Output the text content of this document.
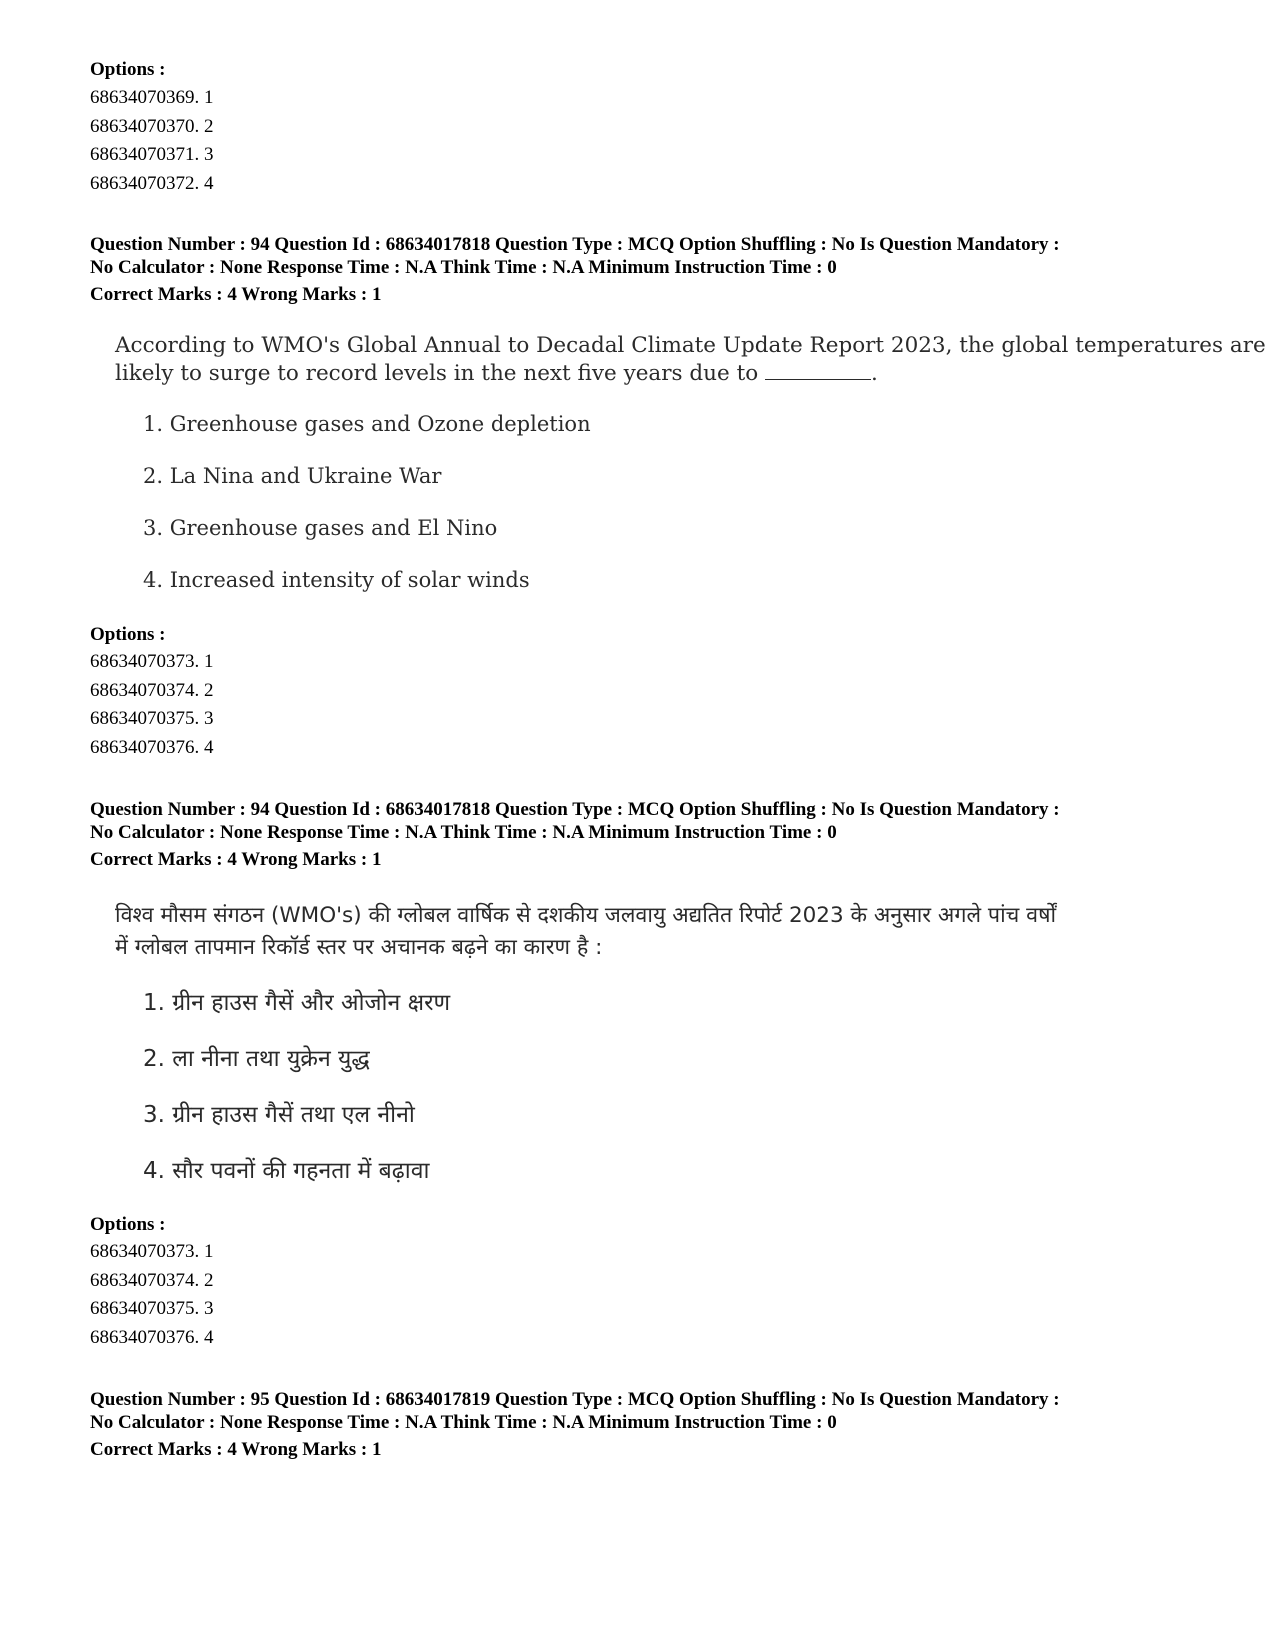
Options :
68634070369. 1
68634070370. 2
68634070371. 3
68634070372. 4
Question Number : 94 Question Id : 68634017818 Question Type : MCQ Option Shuffling : No Is Question Mandatory :
No Calculator : None Response Time : N.A Think Time : N.A Minimum Instruction Time : 0
Correct Marks : 4 Wrong Marks : 1
According to WMO's Global Annual to Decadal Climate Update Report 2023, the global temperatures are
likely to surge to record levels in the next five years due to	.
1. Greenhouse gases and Ozone depletion
2. La Nina and Ukraine War
3. Greenhouse gases and El Nino
4. Increased intensity of solar winds
Options :
68634070373. 1
68634070374. 2
68634070375. 3
68634070376. 4
Question Number : 94 Question Id : 68634017818 Question Type : MCQ Option Shuffling : No Is Question Mandatory :
No Calculator : None Response Time : N.A Think Time : N.A Minimum Instruction Time : 0
Correct Marks : 4 Wrong Marks : 1
विश्व मौसम संगठन (WMO's) की ग्लोबल वार्षिक से दशकीय जलवायु अद्यतित रिपोर्ट 2023 के अनुसार अगले पांच वर्षों
में ग्लोबल तापमान रिकॉर्ड स्तर पर अचानक बढ़ने का कारण है :
1. ग्रीन हाउस गैसें और ओजोन क्षरण
2. ला नीना तथा युक्रेन युद्ध
3. ग्रीन हाउस गैसें तथा एल नीनो
4. सौर पवनों की गहनता में बढ़ावा
Options :
68634070373. 1
68634070374. 2
68634070375. 3
68634070376. 4
Question Number : 95 Question Id : 68634017819 Question Type : MCQ Option Shuffling : No Is Question Mandatory :
No Calculator : None Response Time : N.A Think Time : N.A Minimum Instruction Time : 0
Correct Marks : 4 Wrong Marks : 1
